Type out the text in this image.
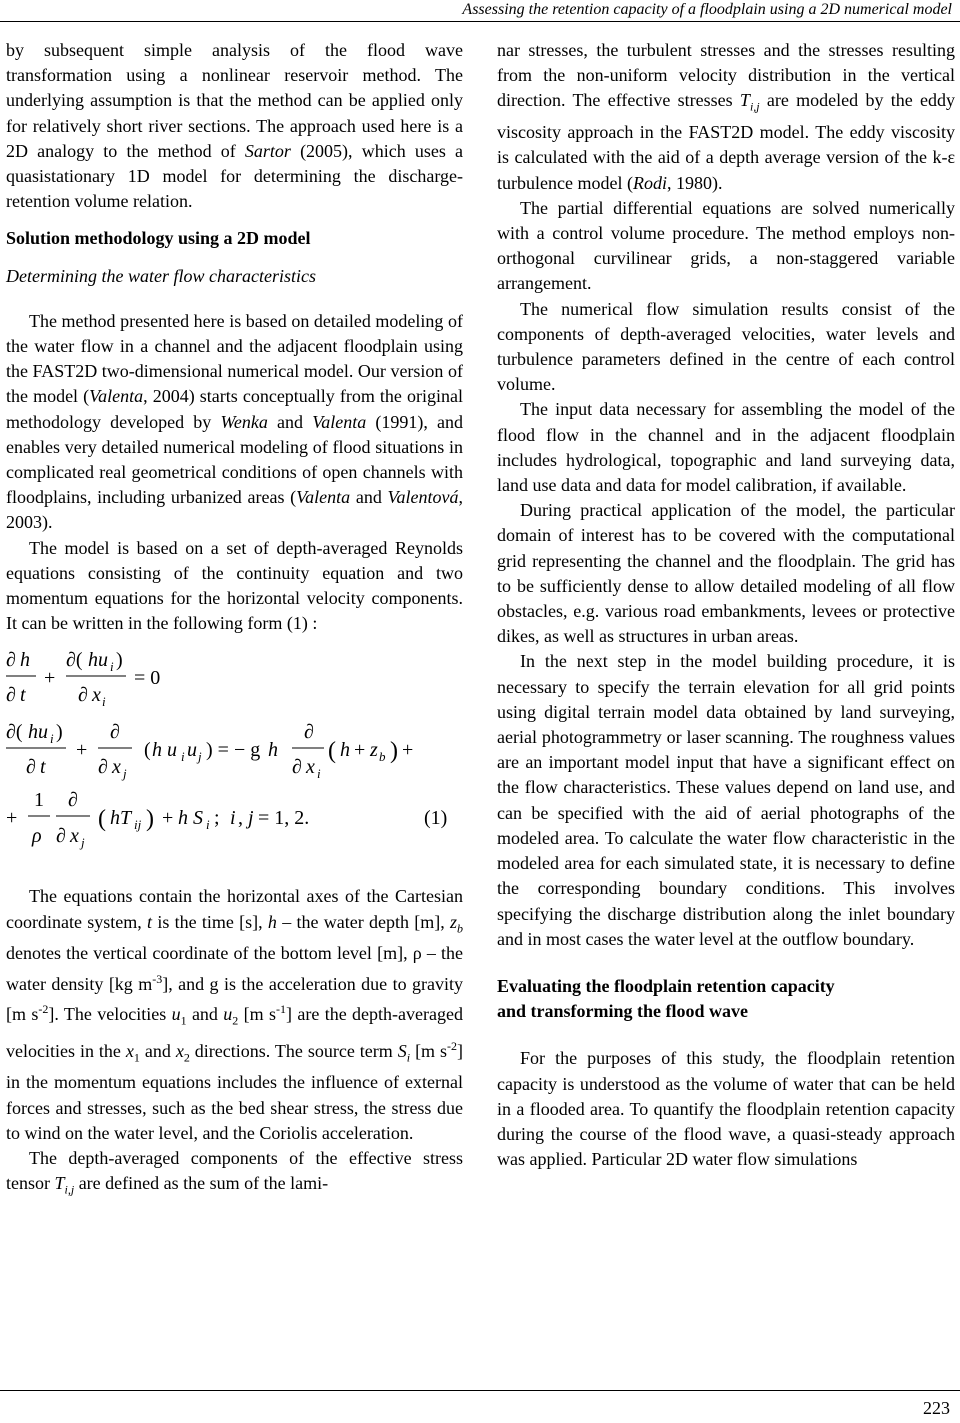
Assessing the retention capacity of a floodplain using a 2D numerical model

by subsequent simple analysis of the flood wave transformation using a nonlinear reservoir method. The underlying assumption is that the method can be applied only for relatively short river sections. The approach used here is a 2D analogy to the method of Sartor (2005), which uses a quasistationary 1D model for determining the discharge-retention volume relation.

Solution methodology using a 2D model

Determining the water flow characteristics

The method presented here is based on detailed modeling of the water flow in a channel and the adjacent floodplain using the FAST2D two-dimensional numerical model. Our version of the model (Valenta, 2004) starts conceptually from the original methodology developed by Wenka and Valenta (1991), and enables very detailed numerical modeling of flood situations in complicated real geometrical conditions of open channels with floodplains, including urbanized areas (Valenta and Valentová, 2003).

The model is based on a set of depth-averaged Reynolds equations consisting of the continuity equation and two momentum equations for the horizontal velocity components. It can be written in the following form (1) :

∂ h
∂ t
+
∂( hu i )
∂ x i
= 0
∂( hu i )
∂ t
+
∂
∂ x j
( h u i u j ) = − g h
∂
∂ x i
( h + z b ) +
+
1
ρ
∂
∂ x j
( hT ij ) + h S i ; i , j = 1, 2.	(1)

The equations contain the horizontal axes of the Cartesian coordinate system, t is the time [s], h – the water depth [m], $z_b$ denotes the vertical coordinate of the bottom level [m], ρ – the water density [kg $m^{-3}$], and g is the acceleration due to gravity [m $s^{-2}$]. The velocities $u_1$ and $u_2$ [m $s^{-1}$] are the depth-averaged velocities in the $x_1$ and $x_2$ directions. The source term $S_i$ [m $s^{-2}$] in the momentum equations includes the influence of external forces and stresses, such as the bed shear stress, the stress due to wind on the water level, and the Coriolis acceleration.

The depth-averaged components of the effective stress tensor $T_{i,j}$ are defined as the sum of the lami-

nar stresses, the turbulent stresses and the stresses resulting from the non-uniform velocity distribution in the vertical direction. The effective stresses $T_{i,j}$ are modeled by the eddy viscosity approach in the FAST2D model. The eddy viscosity is calculated with the aid of a depth average version of the k-ε turbulence model (Rodi, 1980).

The partial differential equations are solved numerically with a control volume procedure. The method employs non-orthogonal curvilinear grids, a non-staggered variable arrangement.

The numerical flow simulation results consist of the components of depth-averaged velocities, water levels and turbulence parameters defined in the centre of each control volume.

The input data necessary for assembling the model of the flood flow in the channel and in the adjacent floodplain includes hydrological, topographic and land surveying data, land use data and data for model calibration, if available.

During practical application of the model, the particular domain of interest has to be covered with the computational grid representing the channel and the floodplain. The grid has to be sufficiently dense to allow detailed modeling of all flow obstacles, e.g. various road embankments, levees or protective dikes, as well as structures in urban areas.

In the next step in the model building procedure, it is necessary to specify the terrain elevation for all grid points using digital terrain model data obtained by land surveying, aerial photogrammetry or laser scanning. The roughness values are an important model input that have a significant effect on the flow characteristics. These values depend on land use, and can be specified with the aid of aerial photographs of the modeled area. To calculate the water flow characteristic in the modeled area for each simulated state, it is necessary to define the corresponding boundary conditions. This involves specifying the discharge distribution along the inlet boundary and in most cases the water level at the outflow boundary.

Evaluating the floodplain retention capacity
and transforming the flood wave

For the purposes of this study, the floodplain retention capacity is understood as the volume of water that can be held in a flooded area. To quantify the floodplain retention capacity during the course of the flood wave, a quasi-steady approach was applied. Particular 2D water flow simulations

223
